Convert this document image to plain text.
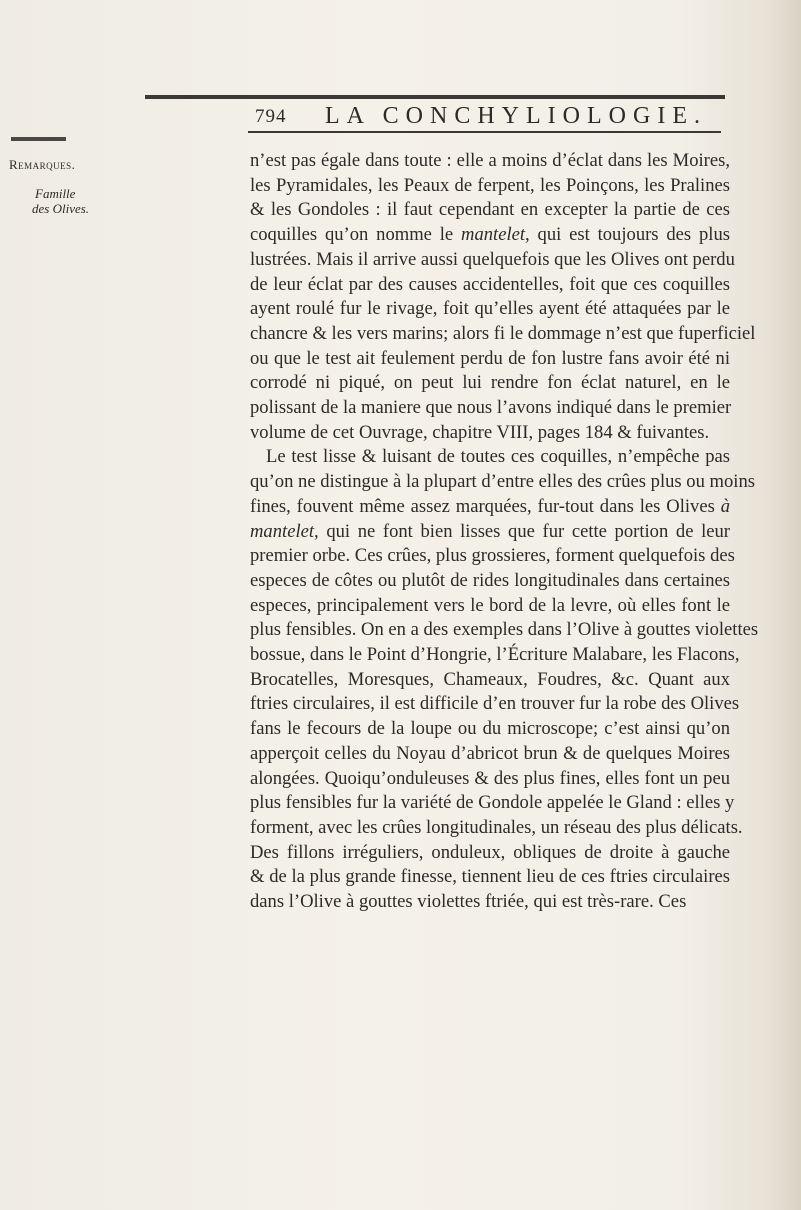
794 LA CONCHYLIOLOGIE.
Remarques.
Famille
des Olives.
n’est pas égale dans toute : elle a moins d’éclat dans les Moires,
les Pyramidales, les Peaux de ferpent, les Poinçons, les Pralines
& les Gondoles : il faut cependant en excepter la partie de ces
coquilles qu’on nomme le mantelet, qui est toujours des plus
lustrées. Mais il arrive aussi quelquefois que les Olives ont perdu
de leur éclat par des causes accidentelles, foit que ces coquilles
ayent roulé fur le rivage, foit qu’elles ayent été attaquées par le
chancre & les vers marins; alors fi le dommage n’est que fuperficiel
ou que le test ait feulement perdu de fon lustre fans avoir été ni
corrodé ni piqué, on peut lui rendre fon éclat naturel, en le
polissant de la maniere que nous l’avons indiqué dans le premier
volume de cet Ouvrage, chapitre VIII, pages 184 & fuivantes.
Le test lisse & luisant de toutes ces coquilles, n’empêche pas
qu’on ne distingue à la plupart d’entre elles des crûes plus ou moins
fines, fouvent même assez marquées, fur-tout dans les Olives à
mantelet, qui ne font bien lisses que fur cette portion de leur
premier orbe. Ces crûes, plus grossieres, forment quelquefois des
especes de côtes ou plutôt de rides longitudinales dans certaines
especes, principalement vers le bord de la levre, où elles font le
plus fensibles. On en a des exemples dans l’Olive à gouttes violettes
bossue, dans le Point d’Hongrie, l’Écriture Malabare, les Flacons,
Brocatelles, Moresques, Chameaux, Foudres, &c. Quant aux
ftries circulaires, il est difficile d’en trouver fur la robe des Olives
fans le fecours de la loupe ou du microscope; c’est ainsi qu’on
apperçoit celles du Noyau d’abricot brun & de quelques Moires
alongées. Quoiqu’onduleuses & des plus fines, elles font un peu
plus fensibles fur la variété de Gondole appelée le Gland : elles y
forment, avec les crûes longitudinales, un réseau des plus délicats.
Des fillons irréguliers, onduleux, obliques de droite à gauche
& de la plus grande finesse, tiennent lieu de ces ftries circulaires
dans l’Olive à gouttes violettes ftriée, qui est très-rare. Ces
